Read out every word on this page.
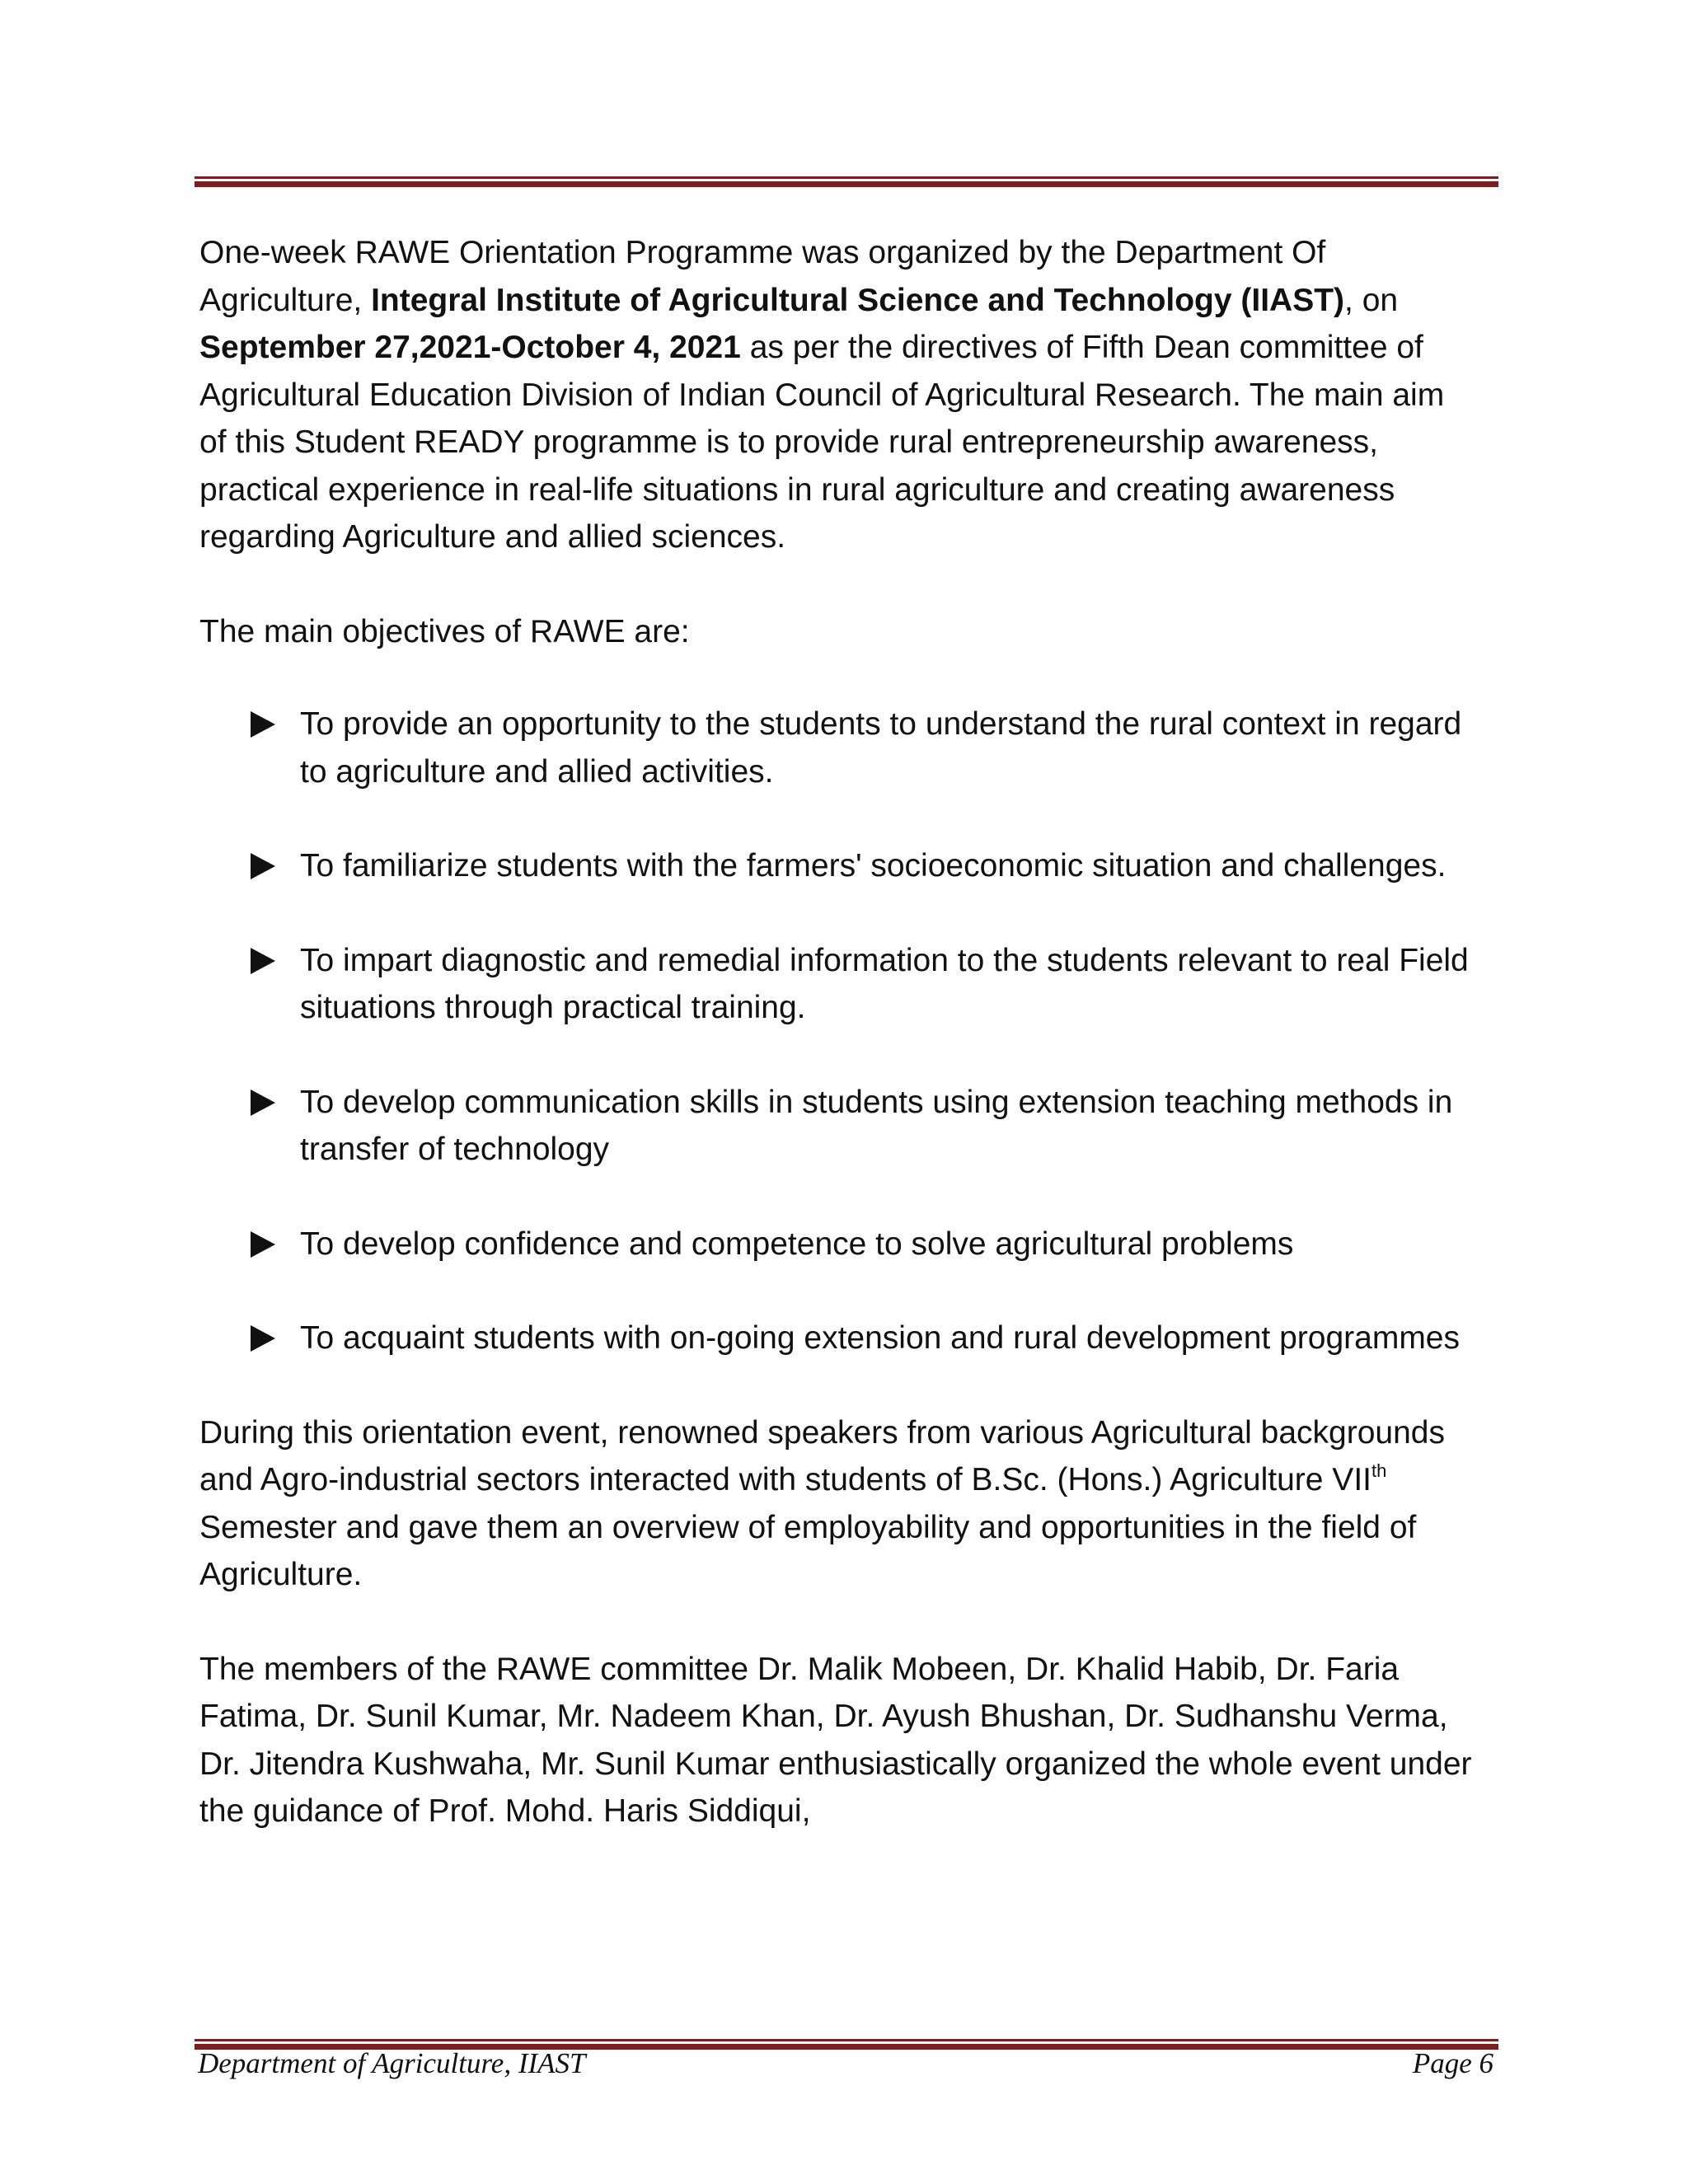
One-week RAWE Orientation Programme was organized by the Department Of Agriculture, Integral Institute of Agricultural Science and Technology (IIAST), on September 27,2021-October 4, 2021 as per the directives of Fifth Dean committee of Agricultural Education Division of Indian Council of Agricultural Research. The main aim of this Student READY programme is to provide rural entrepreneurship awareness, practical experience in real-life situations in rural agriculture and creating awareness regarding Agriculture and allied sciences.

The main objectives of RAWE are:

To provide an opportunity to the students to understand the rural context in regard to agriculture and allied activities.
To familiarize students with the farmers' socioeconomic situation and challenges.
To impart diagnostic and remedial information to the students relevant to real Field situations through practical training.
To develop communication skills in students using extension teaching methods in transfer of technology
To develop confidence and competence to solve agricultural problems
To acquaint students with on-going extension and rural development programmes

During this orientation event, renowned speakers from various Agricultural backgrounds and Agro-industrial sectors interacted with students of B.Sc. (Hons.) Agriculture VIIth Semester and gave them an overview of employability and opportunities in the field of Agriculture.

The members of the RAWE committee Dr. Malik Mobeen, Dr. Khalid Habib, Dr. Faria Fatima, Dr. Sunil Kumar, Mr. Nadeem Khan, Dr. Ayush Bhushan, Dr. Sudhanshu Verma, Dr. Jitendra Kushwaha, Mr. Sunil Kumar enthusiastically organized the whole event under the guidance of Prof. Mohd. Haris Siddiqui,

Department of Agriculture, IIAST	Page 6
